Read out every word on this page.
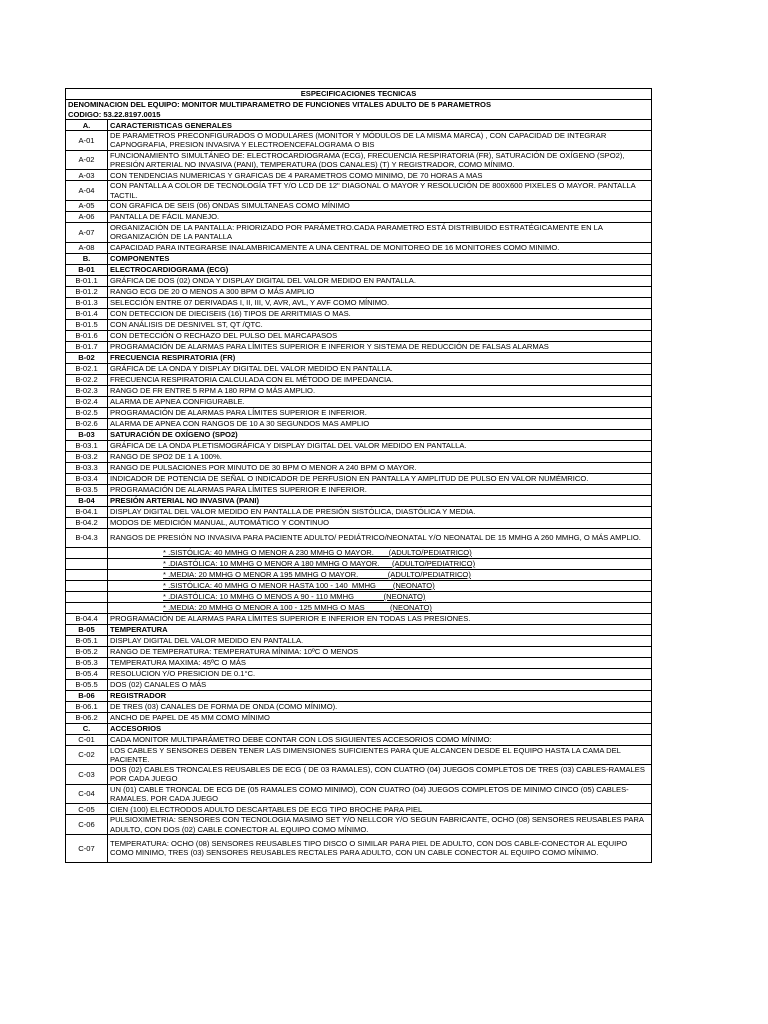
ESPECIFICACIONES TECNICAS	

DENOMINACION DEL EQUIPO: MONITOR MULTIPARAMETRO DE FUNCIONES VITALES ADULTO DE 5 PARAMETROS
CODIGO: 53.22.8197.0015	

A.	CARACTERISTICAS GENERALES
A-01	DE PARAMETROS PRECONFIGURADOS O MODULARES (MONITOR Y MÓDULOS DE LA MISMA MARCA) , CON CAPACIDAD DE INTEGRAR CAPNOGRAFIA, PRESION INVASIVA Y ELECTROENCEFALOGRAMA O BIS
A-02	FUNCIONAMIENTO SIMULTÁNEO DE: ELECTROCARDIOGRAMA (ECG), FRECUENCIA RESPIRATORIA (FR), SATURACIÓN DE OXÍGENO (SPO2), PRESIÓN ARTERIAL NO INVASIVA (PANI), TEMPERATURA (DOS CANALES) (T) Y REGISTRADOR, COMO MÍNIMO.
A-03	CON TENDENCIAS NUMERICAS Y GRAFICAS DE 4 PARAMETROS COMO MINIMO, DE 70 HORAS A MAS
A-04	CON PANTALLA A COLOR DE TECNOLOGÍA TFT Y/O LCD DE 12" DIAGONAL O MAYOR Y RESOLUCIÓN DE 800X600 PIXELES O MAYOR. PANTALLA TACTIL.
A-05	CON GRAFICA DE SEIS (06) ONDAS SIMULTANEAS COMO MÍNIMO
A-06	PANTALLA DE FÁCIL MANEJO.
A-07	ORGANIZACIÓN DE LA PANTALLA: PRIORIZADO POR PARÁMETRO.CADA PARAMETRO ESTÁ DISTRIBUIDO ESTRATÉGICAMENTE EN LA ORGANIZACIÓN DE LA PANTALLA
A-08	CAPACIDAD PARA INTEGRARSE INALAMBRICAMENTE A UNA CENTRAL DE MONITOREO DE 16 MONITORES COMO MINIMO.
B.	COMPONENTES
B-01	ELECTROCARDIOGRAMA (ECG)
B-01.1	GRÁFICA DE DOS (02) ONDA Y DISPLAY DIGITAL DEL VALOR MEDIDO EN PANTALLA.
B-01.2	RANGO ECG DE 20 O MENOS A 300 BPM O MÁS AMPLIO
B-01.3	SELECCIÓN ENTRE 07 DERIVADAS I, II, III, V, AVR, AVL, Y AVF COMO MÍNIMO.
B-01.4	CON DETECCION DE DIECISEIS (16) TIPOS DE ARRITMIAS O MAS.
B-01.5	CON ANÁLISIS DE DESNIVEL ST, QT /QTC.
B-01.6	CON DETECCIÓN O RECHAZO DEL PULSO DEL MARCAPASOS
B-01.7	PROGRAMACIÓN DE ALARMAS PARA LÍMITES SUPERIOR E INFERIOR Y SISTEMA DE REDUCCIÓN DE FALSAS ALARMAS
B-02	FRECUENCIA RESPIRATORIA (FR)
B-02.1	GRÁFICA DE LA ONDA Y DISPLAY DIGITAL DEL VALOR MEDIDO EN PANTALLA.
B-02.2	FRECUENCIA RESPIRATORIA CALCULADA CON EL MÉTODO DE IMPEDANCIA.
B-02.3	RANGO DE FR ENTRE 5 RPM A 180 RPM O MÁS AMPLIO.
B-02.4	ALARMA DE APNEA CONFIGURABLE.
B-02.5	PROGRAMACIÓN DE ALARMAS PARA LÍMITES SUPERIOR E INFERIOR.
B-02.6	ALARMA DE APNEA CON RANGOS DE 10 A 30 SEGUNDOS MAS AMPLIO
B-03	SATURACIÓN DE OXÍGENO (SPO2)
B-03.1	GRÁFICA DE LA ONDA PLETISMOGRÁFICA Y DISPLAY DIGITAL DEL VALOR MEDIDO EN PANTALLA.
B-03.2	RANGO DE SPO2 DE 1 A 100%.
B-03.3	RANGO DE PULSACIONES POR MINUTO DE 30 BPM O MENOR A 240 BPM O MAYOR.
B-03.4	INDICADOR DE POTENCIA DE SEÑAL O INDICADOR DE PERFUSION EN PANTALLA Y AMPLITUD DE PULSO EN VALOR NUMÉMRICO.
B-03.5	PROGRAMACIÓN DE ALARMAS PARA LÍMITES SUPERIOR E INFERIOR.
B-04	PRESIÓN ARTERIAL NO INVASIVA (PANI)
B-04.1	DISPLAY DIGITAL DEL VALOR MEDIDO EN PANTALLA DE PRESIÓN SISTÓLICA, DIASTÓLICA Y MEDIA.
B-04.2	MODOS DE MEDICIÓN MANUAL, AUTOMÁTICO Y CONTINUO
B-04.3	RANGOS DE PRESIÓN NO INVASIVA PARA PACIENTE ADULTO/ PEDIÁTRICO/NEONATAL Y/O NEONATAL DE 15 MMHG A 260 MMHG, O MÁS AMPLIO.
	* .SISTÓLICA: 40 MMHG O MENOR A 230 MMHG O MAYOR.       (ADULTO/PEDIATRICO)
	* .DIASTÓLICA: 10 MMHG O MENOR A 180 MMHG O MAYOR.      (ADULTO/PEDIATRICO)
	* .MEDIA: 20 MMHG O MENOR A 195 MMHG O MAYOR.              (ADULTO/PEDIATRICO)
	* .SISTÓLICA: 40 MMHG O MENOR HASTA 100 - 140  MMHG        (NEONATO)
	* .DIASTÓLICA: 10 MMHG O MENOS A 90 - 110 MMHG              (NEONATO)
	* .MEDIA: 20 MMHG O MENOR A 100 - 125 MMHG O MAS            (NEONATO)
B-04.4	PROGRAMACIÓN DE ALARMAS PARA LÍMITES SUPERIOR E INFERIOR EN TODAS LAS PRESIONES.
B-05	TEMPERATURA
B-05.1	DISPLAY DIGITAL DEL VALOR MEDIDO EN PANTALLA.
B-05.2	RANGO DE TEMPERATURA: TEMPERATURA MÍNIMA: 10ºC O MENOS
B-05.3	TEMPERATURA MAXIMA: 45ºC O MÁS
B-05.4	RESOLUCION Y/O PRESICION DE 0.1°C.
B-05.5	DOS (02) CANALES O MÁS
B-06	REGISTRADOR
B-06.1	DE TRES (03) CANALES DE FORMA DE ONDA (COMO MÍNIMO).
B-06.2	ANCHO DE PAPEL DE 45 MM COMO MÍNIMO
C.	ACCESORIOS
C-01	CADA MONITOR MULTIPARÁMETRO DEBE CONTAR CON LOS SIGUIENTES ACCESORIOS COMO MÍNIMO:
C-02	LOS CABLES Y SENSORES DEBEN TENER LAS DIMENSIONES SUFICIENTES PARA QUE ALCANCEN DESDE EL EQUIPO HASTA LA CAMA DEL PACIENTE.
C-03	DOS (02) CABLES TRONCALES REUSABLES DE ECG ( DE 03 RAMALES), CON CUATRO (04) JUEGOS COMPLETOS DE TRES (03) CABLES-RAMALES POR CADA JUEGO
C-04	UN (01) CABLE TRONCAL DE ECG DE (05 RAMALES COMO MINIMO), CON CUATRO (04) JUEGOS COMPLETOS DE MINIMO CINCO (05) CABLES-RAMALES. POR CADA JUEGO
C-05	CIEN (100) ELECTRODOS ADULTO DESCARTABLES DE ECG TIPO BROCHE PARA PIEL
C-06	PULSIOXIMETRIA: SENSORES CON TECNOLOGIA MASIMO SET Y/O NELLCOR Y/O SEGUN FABRICANTE, OCHO (08) SENSORES REUSABLES PARA ADULTO, CON DOS (02) CABLE CONECTOR AL EQUIPO COMO MÍNIMO.
C-07	TEMPERATURA: OCHO (08) SENSORES REUSABLES TIPO DISCO O SIMILAR PARA PIEL DE ADULTO, CON DOS CABLE-CONECTOR AL EQUIPO COMO MINIMO, TRES (03) SENSORES REUSABLES RECTALES PARA ADULTO, CON UN CABLE CONECTOR AL EQUIPO COMO MÍNIMO.
